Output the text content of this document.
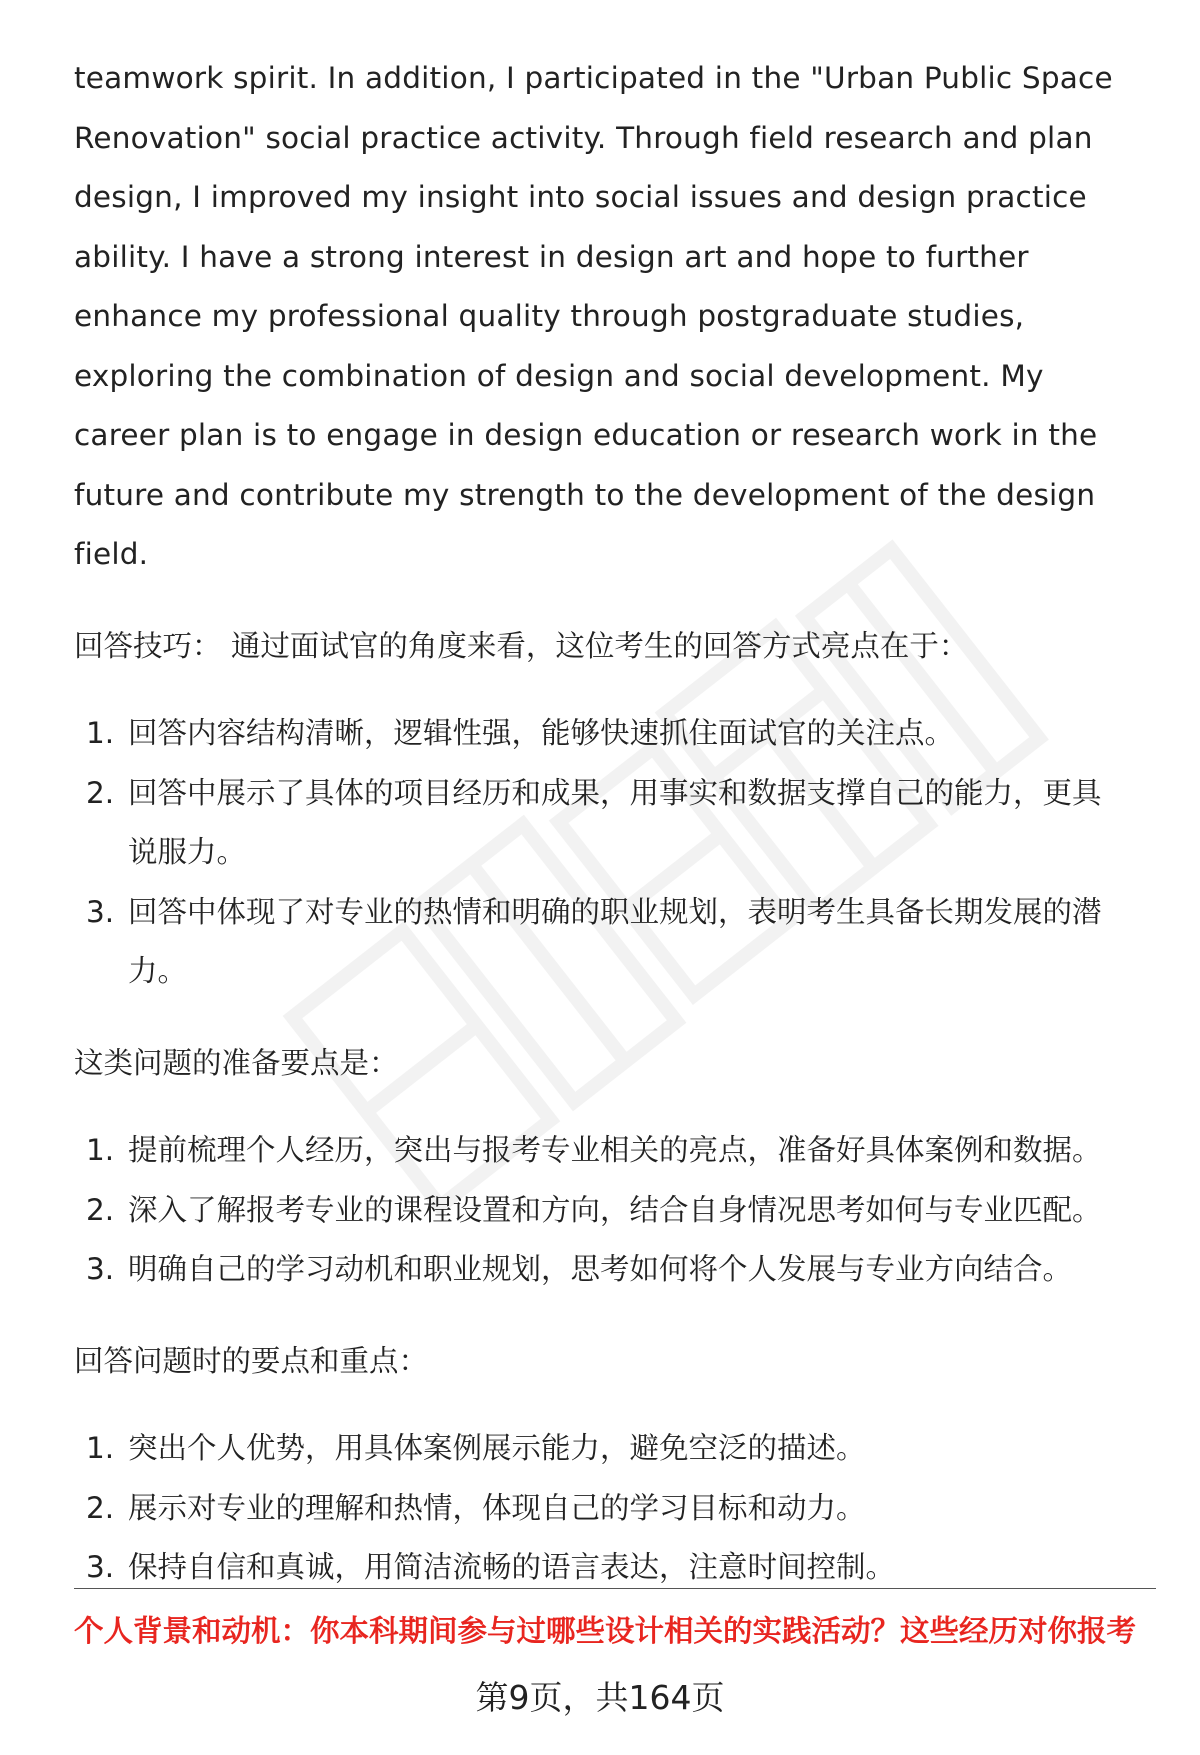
teamwork spirit. In addition, I participated in the "Urban Public Space Renovation" social practice activity. Through field research and plan design, I improved my insight into social issues and design practice ability. I have a strong interest in design art and hope to further enhance my professional quality through postgraduate studies, exploring the combination of design and social development. My career plan is to engage in design education or research work in the future and contribute my strength to the development of the design field.

回答技巧： 通过面试官的角度来看，这位考生的回答方式亮点在于：

1. 回答内容结构清晰，逻辑性强，能够快速抓住面试官的关注点。
2. 回答中展示了具体的项目经历和成果，用事实和数据支撑自己的能力，更具说服力。
3. 回答中体现了对专业的热情和明确的职业规划，表明考生具备长期发展的潜力。

这类问题的准备要点是：

1. 提前梳理个人经历，突出与报考专业相关的亮点，准备好具体案例和数据。
2. 深入了解报考专业的课程设置和方向，结合自身情况思考如何与专业匹配。
3. 明确自己的学习动机和职业规划，思考如何将个人发展与专业方向结合。

回答问题时的要点和重点：

1. 突出个人优势，用具体案例展示能力，避免空泛的描述。
2. 展示对专业的理解和热情，体现自己的学习目标和动力。
3. 保持自信和真诚，用简洁流畅的语言表达，注意时间控制。
个人背景和动机：你本科期间参与过哪些设计相关的实践活动？这些经历对你报考
第9页，共164页
